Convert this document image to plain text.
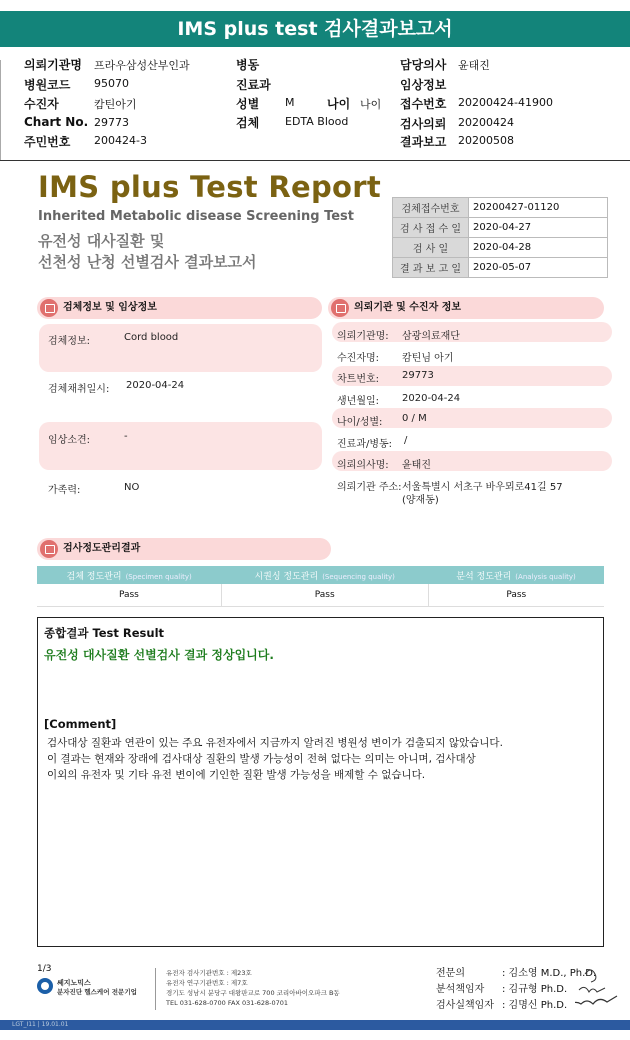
IMS plus test 검사결과보고서
의뢰기관명 프라우삼성산부인과	병동	담당의사 윤태진
병원코드 95070	진료과	임상정보
수진자	캄틴아기	성별 M	나이 나이 접수번호 20200424-41900
Chart No. 29773	검체 EDTA Blood	검사의뢰 20200424
주민번호 200424-3	결과보고 20200508
IMS plus Test Report
Inherited Metabolic disease Screening Test
유전성 대사질환 및
선천성 난청 선별검사 결과보고서
검체접수번호	20200427-01120
검 사 접 수 일	2020-04-27
검 사 일	2020-04-28
결 과 보 고 일	2020-05-07
검체정보 및 임상정보
검체정보:	Cord blood
검체채취일시: 2020-04-24
임상소견:	-
가족력:	NO
의뢰기관 및 수진자 정보
의뢰기관명: 삼광의료재단
수진자명: 캄틴님 아기
차트번호: 29773
생년월일: 2020-04-24
나이/성별: 0 / M
진료과/병동: /
의뢰의사명: 윤태진
의뢰기관 주소: 서울특별시 서초구 바우뫼로41길 57
(양재동)
검사정도관리결과
검체 정도관리 (Specimen quality)	시퀀싱 정도관리 (Sequencing quality)	분석 정도관리 (Analysis quality)
Pass	Pass	Pass
종합결과 Test Result
유전성 대사질환 선별검사 결과 정상입니다.
[Comment]
검사대상 질환과 연관이 있는 주요 유전자에서 지금까지 알려진 병원성 변이가 검출되지 않았습니다.
이 결과는 현재와 장래에 검사대상 질환의 발생 가능성이 전혀 없다는 의미는 아니며, 검사대상
이외의 유전자 및 기타 유전 변이에 기인한 질환 발생 가능성을 배제할 수 없습니다.
1/3
쎄지노믹스
분자진단 헬스케어 전문기업
유전자 검사기관번호 : 제23호
유전자 연구기관번호 : 제7호
경기도 성남시 분당구 대왕판교로 700 코리아바이오파크 B동
TEL 031-628-0700 FAX 031-628-0701
전문의	: 김소영 M.D., Ph.D.
분석책임자 : 김규형 Ph.D.
검사실책임자 : 김명신 Ph.D.
LGT_I11 | 19.01.01
